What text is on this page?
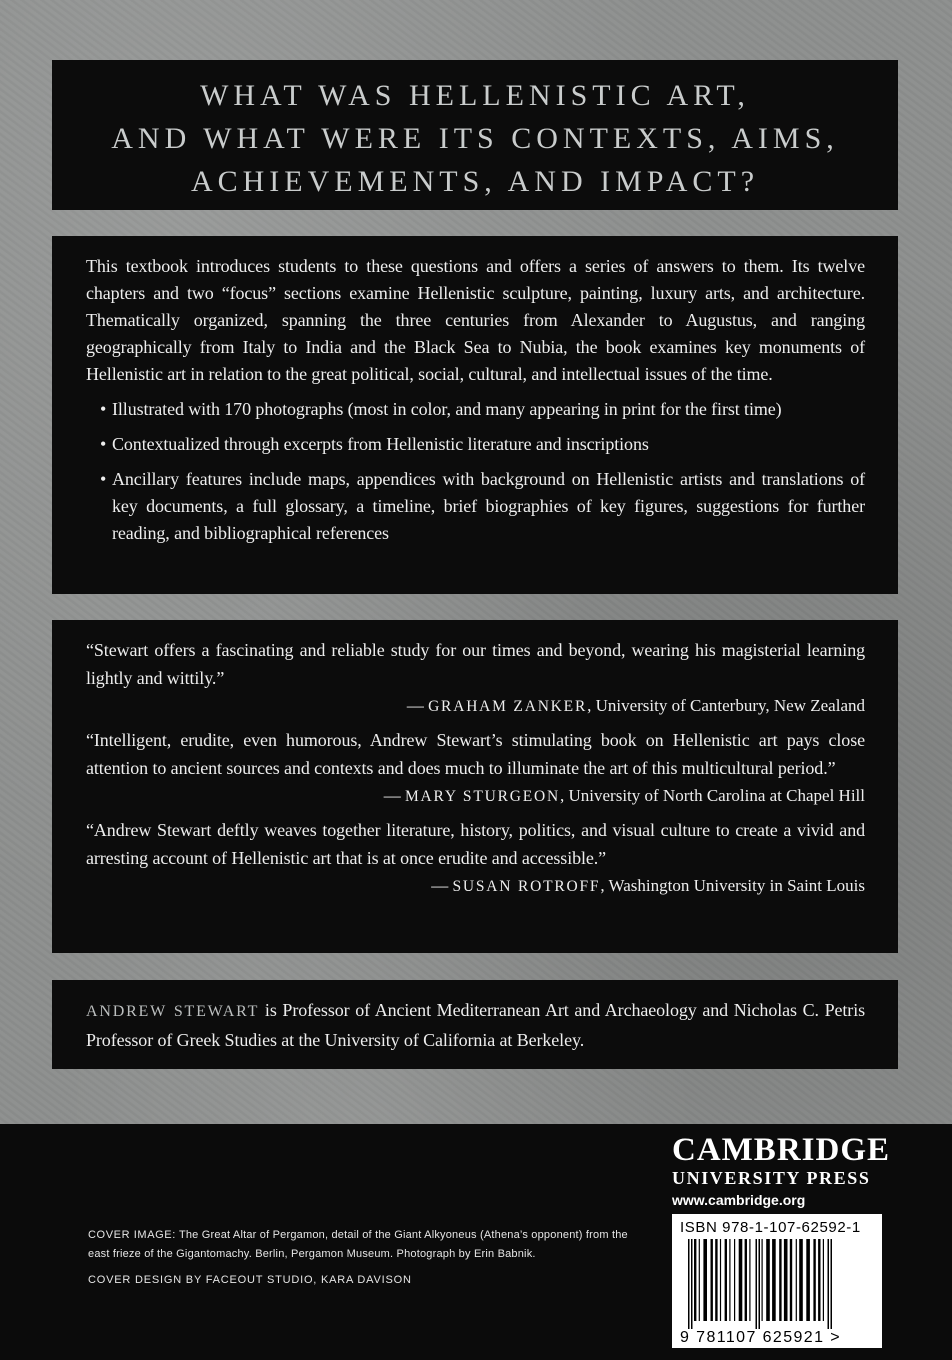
WHAT WAS HELLENISTIC ART,
AND WHAT WERE ITS CONTEXTS, AIMS,
ACHIEVEMENTS, AND IMPACT?

This textbook introduces students to these questions and offers a series of answers to them. Its twelve chapters and two “focus” sections examine Hellenistic sculpture, painting, luxury arts, and architecture. Thematically organized, spanning the three centuries from Alexander to Augustus, and ranging geographically from Italy to India and the Black Sea to Nubia, the book examines key monuments of Hellenistic art in relation to the great political, social, cultural, and intellectual issues of the time.

• Illustrated with 170 photographs (most in color, and many appearing in print for the first time)
• Contextualized through excerpts from Hellenistic literature and inscriptions
• Ancillary features include maps, appendices with background on Hellenistic artists and translations of key documents, a full glossary, a timeline, brief biographies of key figures, suggestions for further reading, and bibliographical references

“Stewart offers a fascinating and reliable study for our times and beyond, wearing his magisterial learning lightly and wittily.”

— GRAHAM ZANKER, University of Canterbury, New Zealand

“Intelligent, erudite, even humorous, Andrew Stewart’s stimulating book on Hellenistic art pays close attention to ancient sources and contexts and does much to illuminate the art of this multicultural period.”

— MARY STURGEON, University of North Carolina at Chapel Hill

“Andrew Stewart deftly weaves together literature, history, politics, and visual culture to create a vivid and arresting account of Hellenistic art that is at once erudite and accessible.”

— SUSAN ROTROFF, Washington University in Saint Louis

ANDREW STEWART is Professor of Ancient Mediterranean Art and Archaeology and Nicholas C. Petris Professor of Greek Studies at the University of California at Berkeley.

COVER IMAGE: The Great Altar of Pergamon, detail of the Giant Alkyoneus (Athena’s opponent) from the east frieze of the Gigantomachy. Berlin, Pergamon Museum. Photograph by Erin Babnik.
COVER DESIGN BY FACEOUT STUDIO, KARA DAVISON
CAMBRIDGE
UNIVERSITY PRESS
www.cambridge.org
ISBN 978-1-107-62592-1
9 781107 625921 >
